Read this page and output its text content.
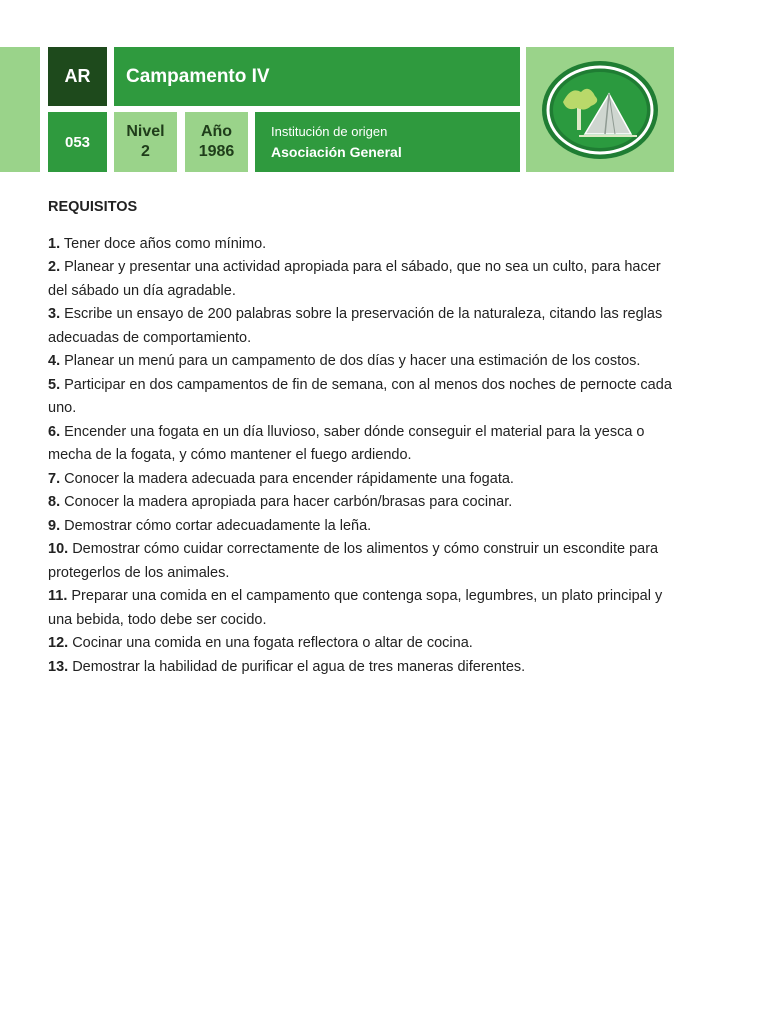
AR	Campamento IV
053
Nivel
2
Año
1986
Institución de origen
Asociación General
REQUISITOS
1. Tener doce años como mínimo.
2. Planear y presentar una actividad apropiada para el sábado, que no sea un culto, para hacer del sábado un día agradable.
3. Escribe un ensayo de 200 palabras sobre la preservación de la naturaleza, citando las reglas adecuadas de comportamiento.
4. Planear un menú para un campamento de dos días y hacer una estimación de los costos.
5. Participar en dos campamentos de fin de semana, con al menos dos noches de pernocte cada uno.
6. Encender una fogata en un día lluvioso, saber dónde conseguir el material para la yesca o mecha de la fogata, y cómo mantener el fuego ardiendo.
7. Conocer la madera adecuada para encender rápidamente una fogata.
8. Conocer la madera apropiada para hacer carbón/brasas para cocinar.
9. Demostrar cómo cortar adecuadamente la leña.
10. Demostrar cómo cuidar correctamente de los alimentos y cómo construir un escondite para protegerlos de los animales.
11. Preparar una comida en el campamento que contenga sopa, legumbres, un plato principal y una bebida, todo debe ser cocido.
12. Cocinar una comida en una fogata reflectora o altar de cocina.
13. Demostrar la habilidad de purificar el agua de tres maneras diferentes.
